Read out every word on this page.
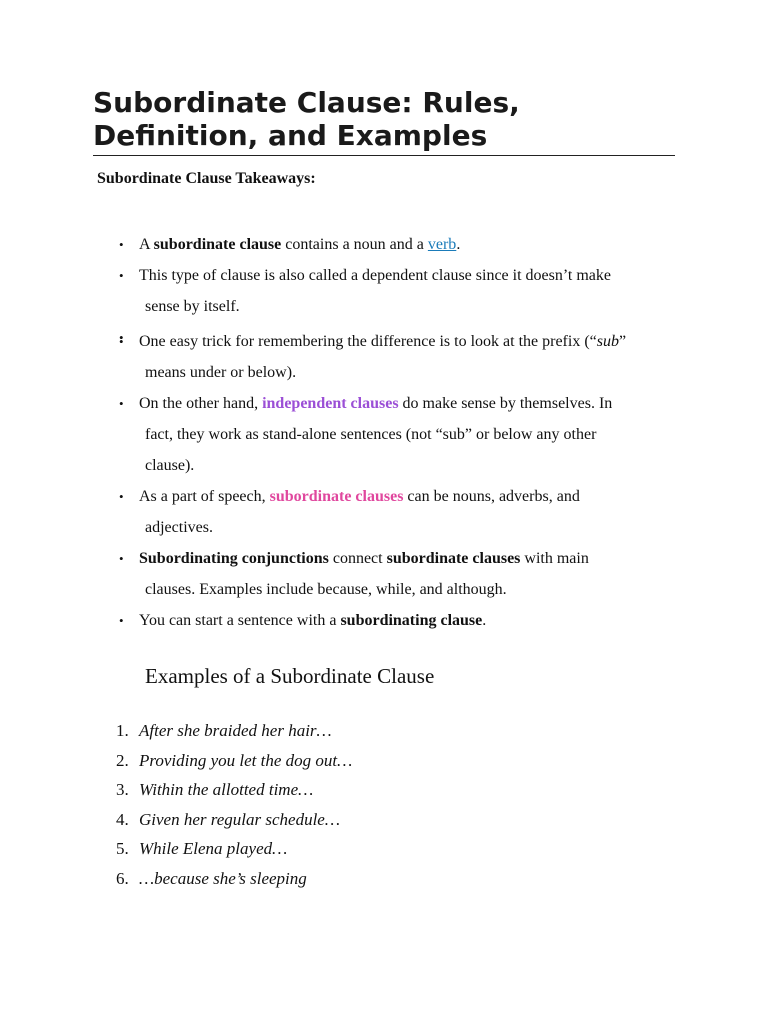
Subordinate Clause: Rules, Definition, and Examples

Subordinate Clause Takeaways:

• A subordinate clause contains a noun and a verb.
• This type of clause is also called a dependent clause since it doesn’t make
sense by itself.
•
• One easy trick for remembering the difference is to look at the prefix (“sub”
means under or below).
• On the other hand, independent clauses do make sense by themselves. In
fact, they work as stand-alone sentences (not “sub” or below any other
clause).
• As a part of speech, subordinate clauses can be nouns, adverbs, and
adjectives.
• Subordinating conjunctions connect subordinate clauses with main
clauses. Examples include because, while, and although.
• You can start a sentence with a subordinating clause.
Examples of a Subordinate Clause
1. After she braided her hair…
2. Providing you let the dog out…
3. Within the allotted time…
4. Given her regular schedule…
5. While Elena played…
6. …because she’s sleeping
